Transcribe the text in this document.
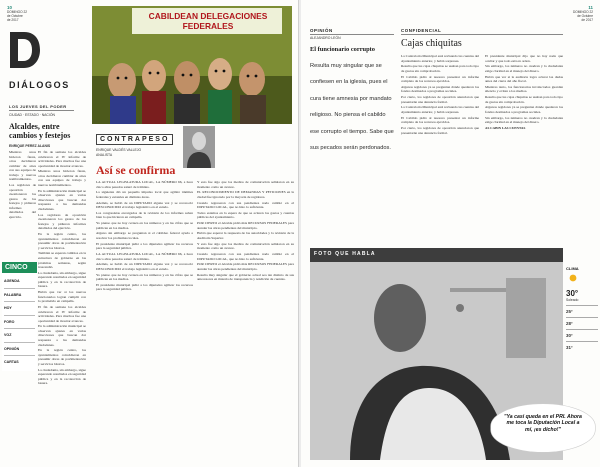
10
DOMINGO 22
de Octubre
de 2017
DIÁLOGOS
LOS JUEVES DEL PODER
CIUDAD · ESTADO · NACIÓN
Alcaldes, entre cambios y festejos
ENRIQUE PEREZ ALANIS

El fin de semana los alcaldes celebraron el IV informe de actividades. Para muchos fue una oportunidad de mostrar avances.

Mientras unos hicieron fiesta, otros decidieron cambiar de aires con sus equipos de trabajo y nuevos nombramientos.

En la administración municipal se observan ajustes en varias direcciones que buscan dar respuesta a las demandas ciudadanas.

Los regidores de oposición cuestionaron los gastos de los festejos y pidieron informes detallados del ejercicio.

En la región centro, los ayuntamientos coincidieron en presumir obras de pavimentación y servicios básicos.

También se esperan cambios en la estructura de gobierno en las próximas semanas, según trascendió.

La ciudadanía, sin embargo, sigue esperando resultados en seguridad pública y en la recolección de basura.

Habrá que ver si los nuevos funcionarios logran cumplir con lo prometido en campaña.

El fin de semana los alcaldes celebraron el IV informe de actividades. Para muchos fue una oportunidad de mostrar avances.

En la administración municipal se observan ajustes en varias direcciones que buscan dar respuesta a las demandas ciudadanas.

En la región centro, los ayuntamientos coincidieron en presumir obras de pavimentación y servicios básicos.

La ciudadanía, sin embargo, sigue esperando resultados en seguridad pública y en la recolección de basura.

Mientras unos hicieron fiesta, otros decidieron cambiar de aires con sus equipos de trabajo y nuevos nombramientos.

Los regidores de oposición cuestionaron los gastos de los festejos y pidieron informes detallados del ejercicio.

CINCO
AGENDA
PALABRA
HOY
FORO
VOZ
OPINIÓN
CARTAS
CABILDEAN DELEGACIONES
FEDERALES
CONTRAPESO
ENRIQUE VALDÉS VALLEJO
ANALISTA
Así se confirma

LA ACTUAL LEGISLATURA LOCAL, LA NÚMERO 66, a hace cinco años pasados saturó de trámites.

La siguiente dió un pequeño impulso local que agilizó trámites federales y estatales en distintas áreas.

Además, se habló de un DIPUTADO alguna vez y se reconoció DESCONOCIDO el trabajo legislativo en el estado.

Los congresistas encargados de la revisión de los informes saben bien lo que hicieron en campaña.

Yo pienso que no hay certeza en los números y en las cifras que se publican en los medios.

Alguno sin embargo se preguntan si el cabildeo federal ayuda a resolver los problemas locales.

El presidente municipal pidió a los diputados agilizar los recursos para la seguridad pública.

LA ACTUAL LEGISLATURA LOCAL, LA NÚMERO 66, a hace cinco años pasados saturó de trámites.

Además, se habló de un DIPUTADO alguna vez y se reconoció DESCONOCIDO el trabajo legislativo en el estado.

Yo pienso que no hay certeza en los números y en las cifras que se publican en los medios.

El presidente municipal pidió a los diputados agilizar los recursos para la seguridad pública.

Y esto fue algo que los medios de comunicación señalaron en su momento como un avance.

EL RECONOCIMIENTO DE DEMANDAS Y PETICIONES en la ciudad fue ignorado por la mayoría de regidores.

Cuando regresaron con sus pendientes nada cambió en el DIPUTADO LOCAL, que no hizo lo suficiente.

Todos estamos en la espera de que se aclaren los gastos y cuentas públicas del ayuntamiento.

POR CIERTO el Alcalde pidió más RECURSOS FEDERALES para atender las obras pendientes del municipio.

Habrá que esperar la respuesta de las autoridades y la revisión de la Auditoría Superior.

Y esto fue algo que los medios de comunicación señalaron en su momento como un avance.

Cuando regresaron con sus pendientes nada cambió en el DIPUTADO LOCAL, que no hizo lo suficiente.

POR CIERTO el Alcalde pidió más RECURSOS FEDERALES para atender las obras pendientes del municipio.

Resulta muy singular que el gobierno actual sea tan distinto de sus antecesores en materia de transparencia y rendición de cuentas.

11
DOMINGO 22
de Octubre
de 2017
OPINIÓN
ALEJANDRO LEÓN
El funcionario corrupto
Resulta muy singular que se confiesen en la iglesia, pues el cura tiene amnesia por mandato religioso. No piensa el cabildo ese corrupto el tiempo. Sabe que sus pecados serán perdonados.
CONFIDENCIAL
Cajas chiquitas

La Contraloría Municipal está revisando las cuentas del Ayuntamiento anterior, y habrá sorpresas.

Resulta que las cajas chiquitas se usaban para todo tipo de gastos sin comprobación.

El Cabildo pidió al tesorero presentar un informe completo de los recursos ejercidos.

Algunos regidores ya se preguntan dónde quedaron los fondos destinados a programas sociales.

Por cierto, los regidores de oposición anunciaron que presentarán una denuncia formal.

La Contraloría Municipal está revisando las cuentas del Ayuntamiento anterior, y habrá sorpresas.

El Cabildo pidió al tesorero presentar un informe completo de los recursos ejercidos.

Por cierto, los regidores de oposición anunciaron que presentarán una denuncia formal.

El presidente municipal dijo que no hay nada que ocultar y que todo está en orden.

Sin embargo, los números no cuadran y la ciudadanía exige claridad en el manejo del dinero.

Habrá que ver si la auditoría logra aclarar las dudas antes del cierre del año fiscal.

Mientras tanto, los funcionarios involucrados guardan silencio y evitan a los medios.

Resulta que las cajas chiquitas se usaban para todo tipo de gastos sin comprobación.

Algunos regidores ya se preguntan dónde quedaron los fondos destinados a programas sociales.

Sin embargo, los números no cuadran y la ciudadanía exige claridad en el manejo del dinero.

AS CABIN LAS CUENTAS

FOTO QUE HABLA
CLIMA
30°
Soleado
25°
28°
30°
31°
"Ya casi queda en el PRI. Ahora me toca la Diputación Local a mí, ¡es dicho!"
